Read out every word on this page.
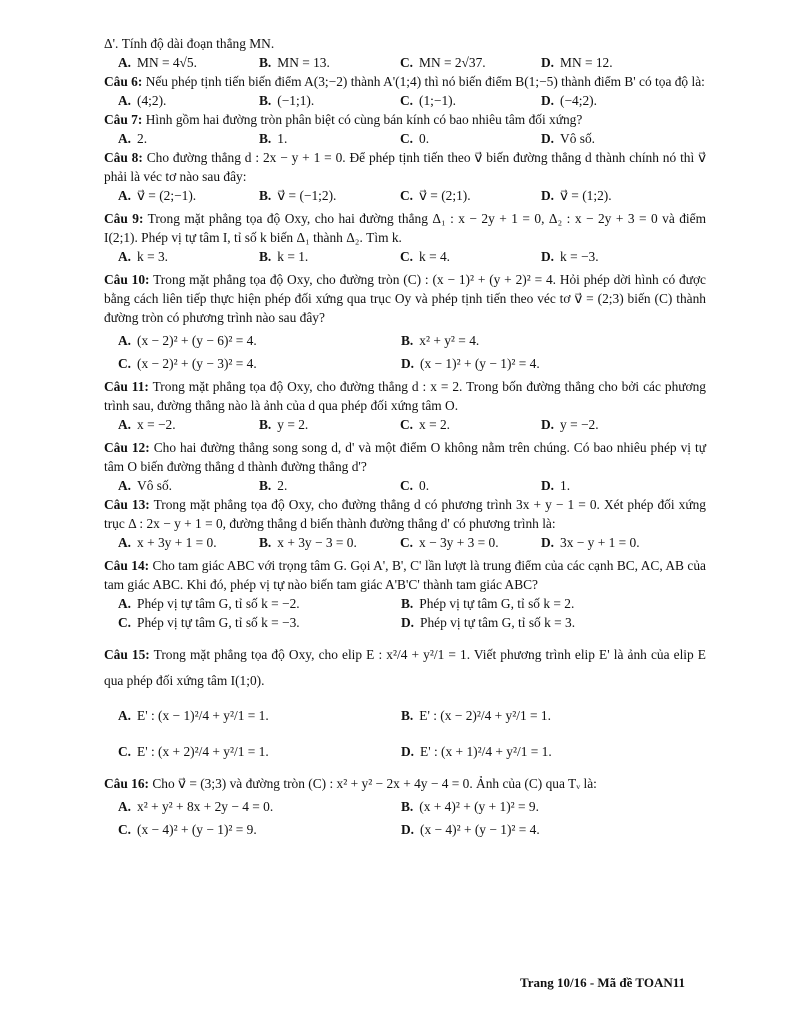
Δ'. Tính độ dài đoạn thẳng MN.
A. MN = 4√5.	B. MN = 13.	C. MN = 2√37.	D. MN = 12.
Câu 6: Nếu phép tịnh tiến biến điểm A(3;−2) thành A'(1;4) thì nó biến điểm B(1;−5) thành điểm B' có tọa độ là:
A. (4;2).	B. (−1;1).	C. (1;−1).	D. (−4;2).
Câu 7: Hình gồm hai đường tròn phân biệt có cùng bán kính có bao nhiêu tâm đối xứng?
A. 2.	B. 1.	C. 0.	D. Vô số.
Câu 8: Cho đường thẳng d : 2x − y + 1 = 0. Để phép tịnh tiến theo v⃗ biến đường thẳng d thành chính nó thì v⃗ phải là véc tơ nào sau đây:
A. v⃗ = (2;−1).	B. v⃗ = (−1;2).	C. v⃗ = (2;1).	D. v⃗ = (1;2).
Câu 9: Trong mặt phẳng tọa độ Oxy, cho hai đường thẳng Δ₁ : x − 2y + 1 = 0, Δ₂ : x − 2y + 3 = 0 và điểm I(2;1). Phép vị tự tâm I, tỉ số k biến Δ₁ thành Δ₂. Tìm k.
A. k = 3.	B. k = 1.	C. k = 4.	D. k = −3.
Câu 10: Trong mặt phẳng tọa độ Oxy, cho đường tròn (C) : (x − 1)² + (y + 2)² = 4. Hỏi phép dời hình có được bằng cách liên tiếp thực hiện phép đối xứng qua trục Oy và phép tịnh tiến theo véc tơ v⃗ = (2;3) biến (C) thành đường tròn có phương trình nào sau đây?
A. (x − 2)² + (y − 6)² = 4.	B. x² + y² = 4.
C. (x − 2)² + (y − 3)² = 4.	D. (x − 1)² + (y − 1)² = 4.
Câu 11: Trong mặt phẳng tọa độ Oxy, cho đường thẳng d : x = 2. Trong bốn đường thẳng cho bởi các phương trình sau, đường thẳng nào là ảnh của d qua phép đối xứng tâm O.
A. x = −2.	B. y = 2.	C. x = 2.	D. y = −2.
Câu 12: Cho hai đường thẳng song song d, d' và một điểm O không nằm trên chúng. Có bao nhiêu phép vị tự tâm O biến đường thẳng d thành đường thẳng d'?
A. Vô số.	B. 2.	C. 0.	D. 1.
Câu 13: Trong mặt phẳng tọa độ Oxy, cho đường thẳng d có phương trình 3x + y − 1 = 0. Xét phép đối xứng trục Δ : 2x − y + 1 = 0, đường thẳng d biến thành đường thẳng d' có phương trình là:
A. x + 3y + 1 = 0.	B. x + 3y − 3 = 0.	C. x − 3y + 3 = 0.	D. 3x − y + 1 = 0.
Câu 14: Cho tam giác ABC với trọng tâm G. Gọi A', B', C' lần lượt là trung điểm của các cạnh BC, AC, AB của tam giác ABC. Khi đó, phép vị tự nào biến tam giác A'B'C' thành tam giác ABC?
A. Phép vị tự tâm G, tỉ số k = −2.	B. Phép vị tự tâm G, tỉ số k = 2.
C. Phép vị tự tâm G, tỉ số k = −3.	D. Phép vị tự tâm G, tỉ số k = 3.
Câu 15: Trong mặt phẳng tọa độ Oxy, cho elip E : x²/4 + y²/1 = 1. Viết phương trình elip E' là ảnh của elip E qua phép đối xứng tâm I(1;0).
A. E' : (x − 1)²/4 + y²/1 = 1.	B. E' : (x − 2)²/4 + y²/1 = 1.
C. E' : (x + 2)²/4 + y²/1 = 1.	D. E' : (x + 1)²/4 + y²/1 = 1.
Câu 16: Cho v⃗ = (3;3) và đường tròn (C) : x² + y² − 2x + 4y − 4 = 0. Ảnh của (C) qua Tᵥ là:
A. x² + y² + 8x + 2y − 4 = 0.	B. (x + 4)² + (y + 1)² = 9.
C. (x − 4)² + (y − 1)² = 9.	D. (x − 4)² + (y − 1)² = 4.
Trang 10/16 - Mã đề TOAN11
